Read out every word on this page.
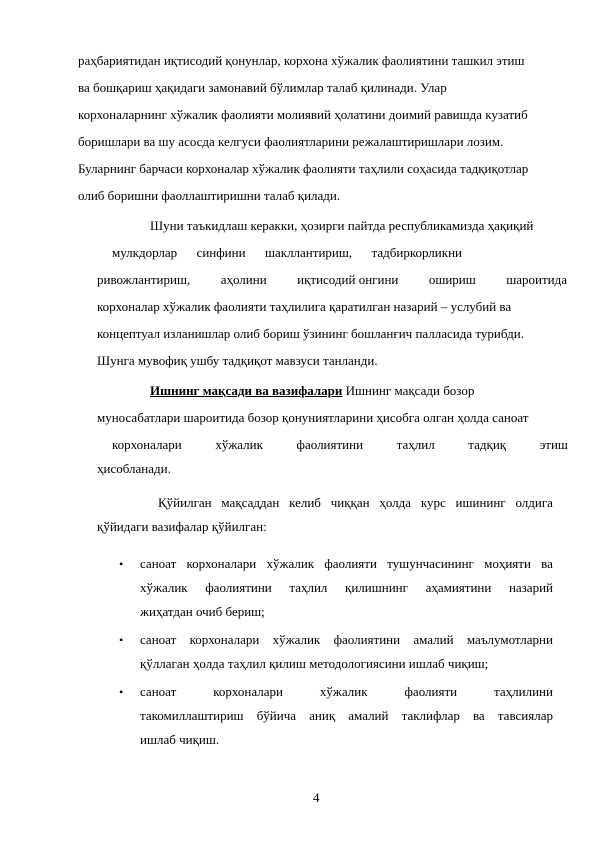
раҳбариятидан иқтисодий қонунлар, корхона хўжалик фаолиятини ташкил этиш
ва бошқариш ҳақидаги замонавий бўлимлар талаб қилинади. Улар
корхоналарнинг хўжалик фаолияти молиявий ҳолатини доимий равишда кузатиб
боришлари ва шу асосда келгуси фаолиятларини режалаштиришлари лозим.
Буларнинг барчаси корхоналар хўжалик фаолияти таҳлили соҳасида тадқиқотлар
олиб боришни фаоллаштиришни талаб қилади.
Шуни таъкидлаш керакки, ҳозирги пайтда республикамизда ҳақиқий
мулкдорлар синфини шакллантириш, тадбиркорликни
ривожлантириш, аҳолини иқтисодий онгини ошириш шароитида
корхоналар хўжалик фаолияти таҳлилига қаратилган назарий – услубий ва
концептуал изланишлар олиб бориш ўзининг бошланғич палласида турибди.
Шунга мувофиқ ушбу тадқиқот мавзуси танланди.
Ишнинг мақсади ва вазифалари Ишнинг мақсади бозор
муносабатлари шароитида бозор қонуниятларини ҳисобга олган ҳолда саноат
корхоналари	хўжалик	фаолиятини	таҳлил	тадқиқ	этиш
ҳисобланади.
Қўйилган мақсаддан келиб чиққан ҳолда курс ишининг олдига
қўйидаги вазифалар қўйилган:
• саноат корхоналари хўжалик фаолияти тушунчасининг моҳияти ва
хўжалик фаолиятини таҳлил қилишнинг аҳамиятини назарий
жиҳатдан очиб бериш;
• саноат корхоналари хўжалик фаолиятини амалий маълумотларни
қўллаган ҳолда таҳлил қилиш методологиясини ишлаб чиқиш;
• саноат	корхоналари	хўжалик	фаолияти	таҳлилини
такомиллаштириш бўйича аниқ амалий таклифлар ва тавсиялар
ишлаб чиқиш.
4
